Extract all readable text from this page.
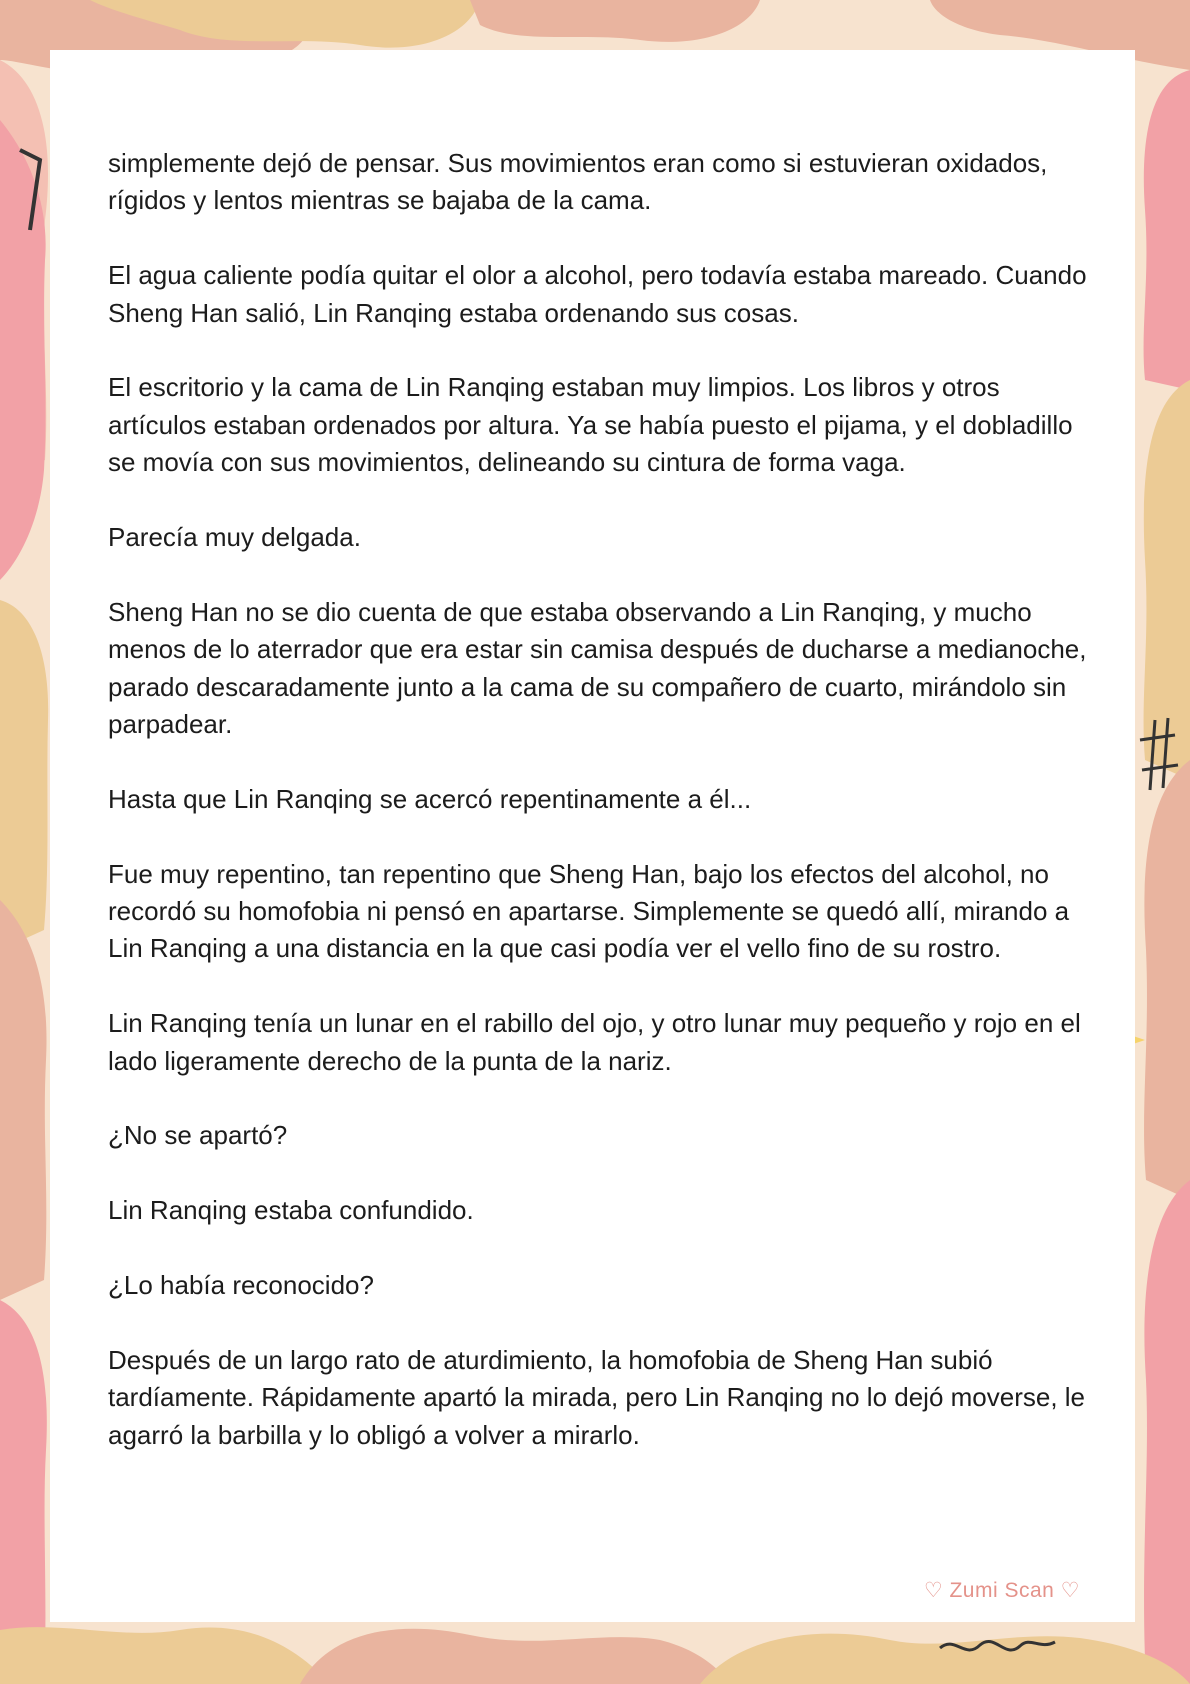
simplemente dejó de pensar. Sus movimientos eran como si estuvieran oxidados, rígidos y lentos mientras se bajaba de la cama.

El agua caliente podía quitar el olor a alcohol, pero todavía estaba mareado. Cuando Sheng Han salió, Lin Ranqing estaba ordenando sus cosas.

El escritorio y la cama de Lin Ranqing estaban muy limpios. Los libros y otros artículos estaban ordenados por altura. Ya se había puesto el pijama, y el dobladillo se movía con sus movimientos, delineando su cintura de forma vaga.

Parecía muy delgada.

Sheng Han no se dio cuenta de que estaba observando a Lin Ranqing, y mucho menos de lo aterrador que era estar sin camisa después de ducharse a medianoche, parado descaradamente junto a la cama de su compañero de cuarto, mirándolo sin parpadear.

Hasta que Lin Ranqing se acercó repentinamente a él...

Fue muy repentino, tan repentino que Sheng Han, bajo los efectos del alcohol, no recordó su homofobia ni pensó en apartarse. Simplemente se quedó allí, mirando a Lin Ranqing a una distancia en la que casi podía ver el vello fino de su rostro.

Lin Ranqing tenía un lunar en el rabillo del ojo, y otro lunar muy pequeño y rojo en el lado ligeramente derecho de la punta de la nariz.

¿No se apartó?

Lin Ranqing estaba confundido.

¿Lo había reconocido?

Después de un largo rato de aturdimiento, la homofobia de Sheng Han subió tardíamente. Rápidamente apartó la mirada, pero Lin Ranqing no lo dejó moverse, le agarró la barbilla y lo obligó a volver a mirarlo.

♡ Zumi Scan ♡
